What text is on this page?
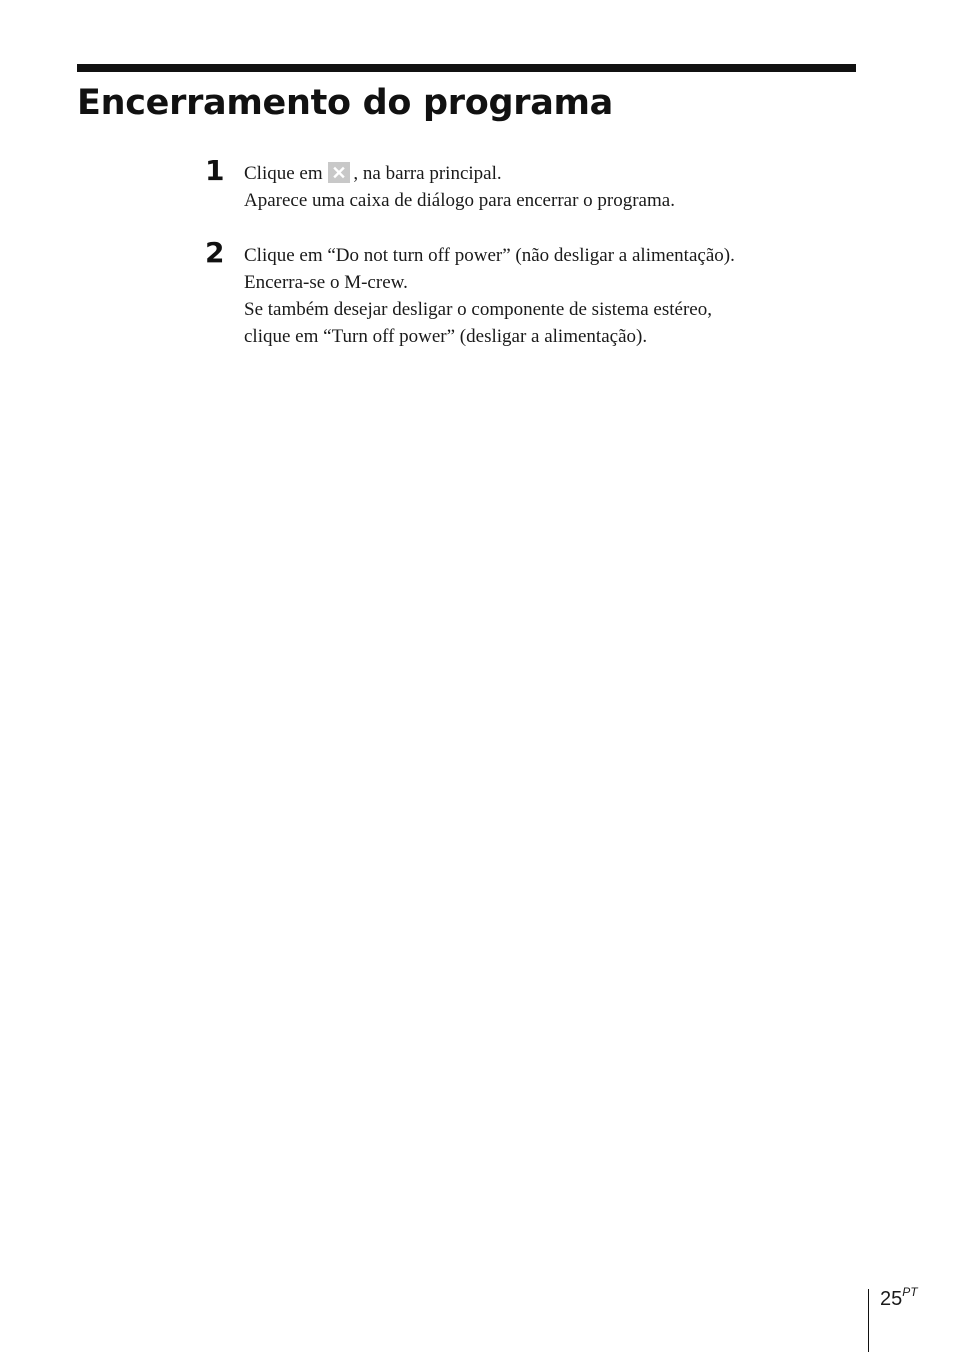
Encerramento do programa
1 Clique em , na barra principal.
Aparece uma caixa de diálogo para encerrar o programa.
2 Clique em “Do not turn off power” (não desligar a alimentação).
Encerra-se o M-crew.
Se também desejar desligar o componente de sistema estéreo,
clique em “Turn off power” (desligar a alimentação).
$25^{PT}$
